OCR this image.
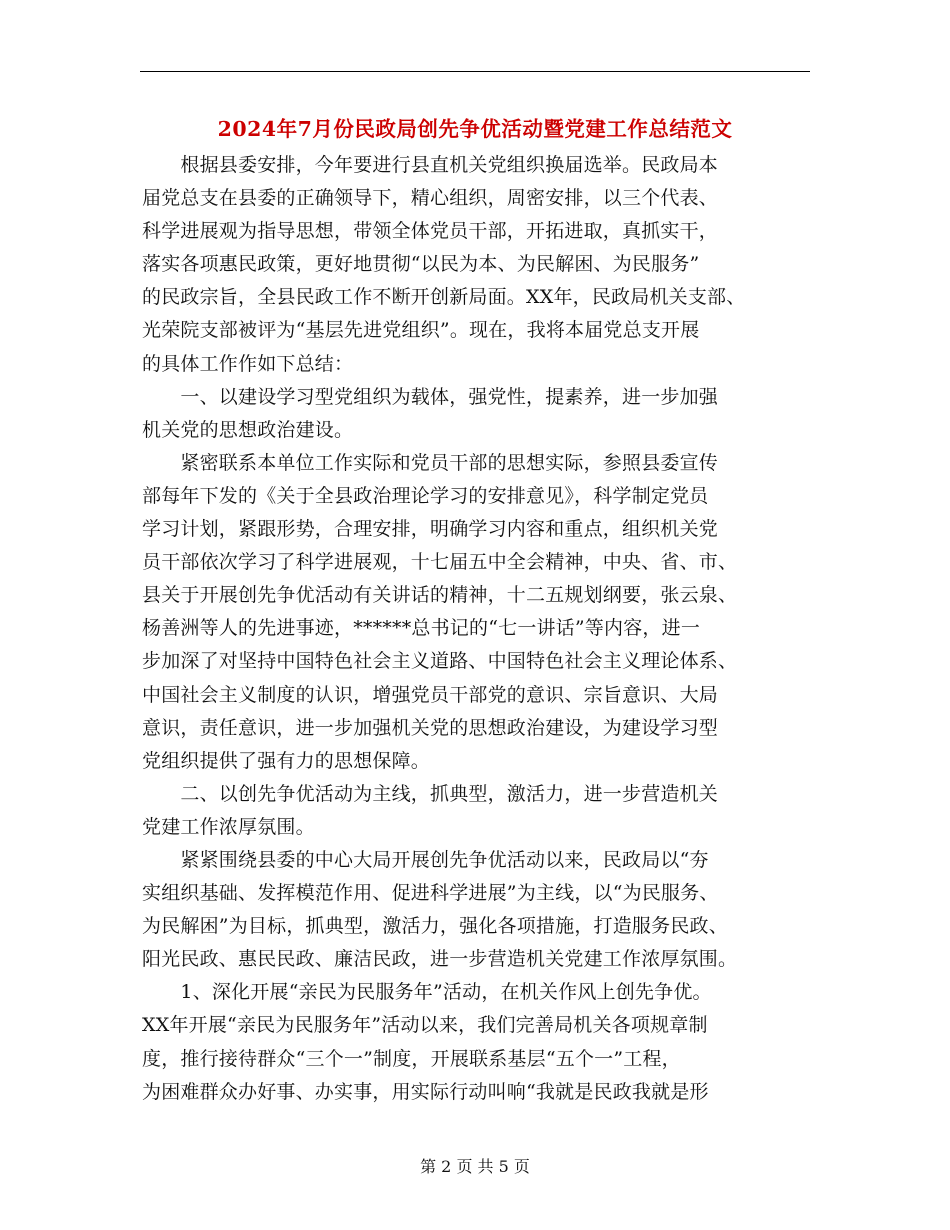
2024年7月份民政局创先争优活动暨党建工作总结范文
　　根据县委安排，今年要进行县直机关党组织换届选举。民政局本
届党总支在县委的正确领导下，精心组织，周密安排，以三个代表、
科学进展观为指导思想，带领全体党员干部，开拓进取，真抓实干，
落实各项惠民政策，更好地贯彻“以民为本、为民解困、为民服务”
的民政宗旨，全县民政工作不断开创新局面。XX年，民政局机关支部、
光荣院支部被评为“基层先进党组织”。现在，我将本届党总支开展
的具体工作作如下总结：
　　一、以建设学习型党组织为载体，强党性，提素养，进一步加强
机关党的思想政治建设。
　　紧密联系本单位工作实际和党员干部的思想实际，参照县委宣传
部每年下发的《关于全县政治理论学习的安排意见》，科学制定党员
学习计划，紧跟形势，合理安排，明确学习内容和重点，组织机关党
员干部依次学习了科学进展观，十七届五中全会精神，中央、省、市、
县关于开展创先争优活动有关讲话的精神，十二五规划纲要，张云泉、
杨善洲等人的先进事迹，******总书记的“七一讲话”等内容，进一
步加深了对坚持中国特色社会主义道路、中国特色社会主义理论体系、
中国社会主义制度的认识，增强党员干部党的意识、宗旨意识、大局
意识，责任意识，进一步加强机关党的思想政治建设，为建设学习型
党组织提供了强有力的思想保障。
　　二、以创先争优活动为主线，抓典型，激活力，进一步营造机关
党建工作浓厚氛围。
　　紧紧围绕县委的中心大局开展创先争优活动以来，民政局以“夯
实组织基础、发挥模范作用、促进科学进展”为主线，以“为民服务、
为民解困”为目标，抓典型，激活力，强化各项措施，打造服务民政、
阳光民政、惠民民政、廉洁民政，进一步营造机关党建工作浓厚氛围。
　　1、深化开展“亲民为民服务年”活动，在机关作风上创先争优。
XX年开展“亲民为民服务年”活动以来，我们完善局机关各项规章制
度，推行接待群众“三个一”制度，开展联系基层“五个一”工程，
为困难群众办好事、办实事，用实际行动叫响“我就是民政我就是形
第 2 页 共 5 页
